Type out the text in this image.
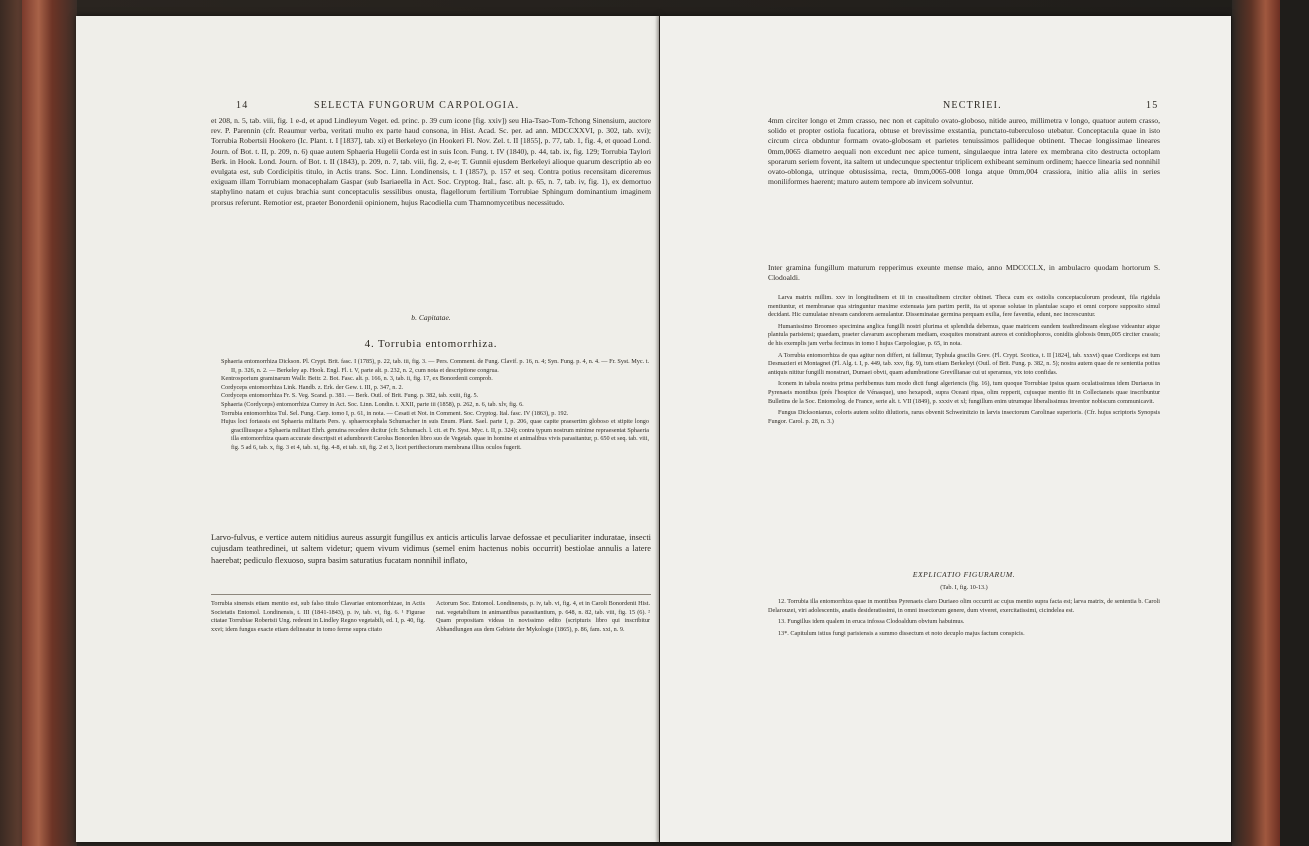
14	SELECTA FUNGORUM CARPOLOGIA.
et 208, n. 5, tab. viii, fig. 1 e-d, et apud Lindleyum Veget. ed. princ. p. 39 cum icone [fig. xxiv]) seu Hia-Tsao-Tom-Tchong Sinensium, auctore rev. P. Parennin (cfr. Reaumur verba, veritati multo ex parte haud consona, in Hist. Acad. Sc. per. ad ann. MDCCXXVI, p. 302, tab. xvi); Torrubia Robertsii Hookero (Ic. Plant. t. I [1837], tab. xi) et Berkeleyo (in Hookeri Fl. Nov. Zel. t. II [1855], p. 77, tab. 1, fig. 4, et quoad Lond. Journ. of Bot. t. II, p. 209, n. 6) quae autem Sphaeria Hugelii Corda est in suis Icon. Fung. t. IV (1840), p. 44, tab. ix, fig. 129; Torrubia Taylori Berk. in Hook. Lond. Journ. of Bot. t. II (1843), p. 209, n. 7, tab. viii, fig. 2, e-e; T. Gunnii ejusdem Berkeleyi alioque quarum descriptio ab eo evulgata est, sub Cordicipitis titulo, in Actis trans. Soc. Linn. Londinensis, t. I (1857), p. 157 et seq. Contra potius recensitam diceremus exiguam illam Torrubiam monacephalam Gaspar (sub Isariaeella in Act. Soc. Cryptog. Ital., fasc. alt. p. 65, n. 7, tab. iv, fig. 1), ex demortuo staphylino natam et cujus brachia sunt conceptaculis sessilibus onusta, flagellorum fertilium Torrubiae Sphingum dominantium imaginem prorsus referunt. Remotior est, praeter Bonordenii opinionem, hujus Racodiella cum Thamnomycetibus necessitudo.
b. Capitatae.
4. Torrubia entomorrhiza.

Sphaeria entomorrhiza Dickson. Pl. Crypt. Brit. fasc. I (1785), p. 22, tab. iii, fig. 3. — Pers. Comment. de Fung. Clavif. p. 16, n. 4; Syn. Fung. p. 4, n. 4. — Fr. Syst. Myc. t. II, p. 326, n. 2. — Berkeley ap. Hook. Engl. Fl. t. V, parte alt. p. 232, n. 2, cum nota et descriptione congrua.

Kentrosporium graminarum Wallr. Beitr. 2. Bot. Fasc. alt. p. 166, n. 3, tab. ii, fig. 17, ex Bonordenii comprob.

Cordyceps entomorrhiza Link. Handb. z. Erk. der Gew. t. III, p. 347, n. 2.

Cordyceps entomorrhiza Fr. S. Veg. Scand. p. 381. — Berk. Outl. of Brit. Fung. p. 382, tab. xxiii, fig. 5.

Sphaeria (Cordyceps) entomorrhiza Currey in Act. Soc. Linn. Londin. t. XXII, parte iii (1858), p. 262, n. 6, tab. xlv, fig. 6.

Torrubia entomorrhiza Tul. Sel. Fung. Carp. tomo I, p. 61, in nota. — Cesati et Not. in Comment. Soc. Cryptog. Ital. fasc. IV (1863), p. 192.

Hujus loci fortassis est Sphaeria militaris Pers. γ. sphaerocephala Schumacher in suis Enum. Plant. Sael. parte I, p. 206, quae capite praesertim globoso et stipite longo gracilliusque a Sphaeria militari Ehrh. genuina recedere dicitur (cfr. Schumach. l. cit. et Fr. Syst. Myc. t. II, p. 324); contra typum nostrum minime repraesentat Sphaeria illa entomorrhiza quam accurate descripsit et adumbravit Carolus Bonorden libro suo de Vegetab. quae in homine et animalibus vivis parasitantur, p. 650 et seq. tab. viii, fig. 5 ad 6, tab. x, fig. 3 et 4, tab. xi, fig. 4-8, et tab. xii, fig. 2 et 3, licet peritheciorum membrana illius oculos fugerit.

Larvo-fulvus, e vertice autem nitidius aureus assurgit fungillus ex anticis articulis larvae defossae et peculiariter induratae, insecti cujusdam teathredinei, ut saltem videtur; quem vivum vidimus (semel enim hactenus nobis occurrit) bestiolae annulis a latere haerebat; pediculo flexuoso, supra basim saturatius fucatam nonnihil inflato,
Torrubia sinensis etiam mentio est, sub falso titulo Clavariae entomorrhizae, in Actis Societatis Entomol. Londinensis, t. III (1841-1843), p. iv, tab. vi, fig. 6. ¹ Figurae citatae Torrubiae Robertsii Ung. redeunt in Lindley Regno vegetabili, ed. I, p. 40, fig. xxvi; idem fungus exacte etiam delineatur in tomo ferme supra citato
Actorum Soc. Entomol. Londinensis, p. iv, tab. vi, fig. 4, et in Caroli Bonordenii Hist. nat. vegetabilium in animantibus parasitantium, p. 648, n. 82, tab. viii, fig. 15 (6). ² Quam propositam videas in novissimo edito (scripturis libro qui inscribitur Abhandlungen aus dem Gebiete der Mykologie (1865), p. 86, fam. xxi, n. 9.
NECTRIEI.	15
4mm circiter longo et 2mm crasso, nec non et capitulo ovato-globoso, nitide aureo, millimetra v longo, quatuor autem crasso, solido et propter ostiola fucatiora, obtuse et brevissime exstantia, punctato-tuberculoso utebatur. Conceptacula quae in isto circum circa obduntur formam ovato-globosam et parietes tenuissimos pallideque obtinent. Thecae longissimae lineares 0mm,0065 diametro aequali non excedunt nec apice tument, singulaeque intra latere ex membrana cito destructa octoplam sporarum seriem fovent, ita saltem ut undecunque spectentur triplicem exhibeant seminum ordinem; haecce linearia sed nonnihil ovato-oblonga, utrinque obtusissima, recta, 0mm,0065-008 longa atque 0mm,004 crassiora, initio alia aliis in series moniliformes haerent; maturo autem tempore ab invicem solvuntur.
Inter gramina fungillum maturum repperimus exeunte mense maio, anno MDCCCLX, in ambulacro quodam hortorum S. Clodoaldi.

Larva matrix millim. xxv in longitudinem et iii in crassitudinem circiter obtinet. Theca cum ex ostiolis conceptaculorum prodeunt, fila rigidula mentiuntur, et membranae qua stringuntur maxime extenuata jam partim periit, ita ut sporae solutae in plantulae scapo et omni corpore supposito simul decidant. Hic cumulatae niveam candorem aemulantur. Disseminatae germina perquam exilia, fere faventia, edunt, nec increscuntur.

Humanissimo Broomeo specimina anglica fungilli nostri plurima et splendida debemus, quae matricem eandem teathredineam elegisse videantur atque plantula parisiensi; quaedam, praeter clavarum ascopheram mediam, exsquites monstrant aureos et conidiophoros, conidiis globosis 0mm,005 circiter crassis; de his exemplis jam verba fecimus in tomo I hujus Carpologiae, p. 65, in nota.

A Torrubia entomorrhiza de qua agitur non differt, ni fallimur, Typhula gracilis Grev. (Fl. Crypt. Scotica, t. II [1824], tab. xxxvi) quae Cordiceps est tum Desmazieri et Montagnei (Fl. Alg. t. I, p. 449, tab. xxv, fig. 9), tum etiam Berkeleyi (Outl. of Brit. Fung. p. 382, n. 5); nostra autem quae de re sententia potius antiquis nititur fungilli monstrari, Dumaei obvii, quam adumbratione Grevillianae cui ut speramus, vix toto confidas.

Iconem in tabula nostra prima perhibemus tum modo dicti fungi algeriencis (fig. 16), tum quoque Torrubiae ipsius quam oculatissimus idem Duriaeus in Pyrenaeis montibus (prés l'hospice de Vénasque), uno hexapodi, supra Oceani ripas, olim repperit, cujusque mentio fit in Collectaneis quae inscribuntur Bulletins de la Soc. Entomolog. de France, serie alt. t. VII (1849), p. xxxiv et xl; fungillum enim utrumque liberalissimus inventor nobiscum communicavit.

Fungus Dicksonianus, coloris autem solito dilutioris, rarus obvenit Schweinitzio in larvis insectorum Carolinae superioris. (Cfr. hujus scriptoris Synopsis Fungor. Carol. p. 28, n. 3.)

EXPLICATIO FIGURARUM.
(Tab. I, fig. 10-13.)

12. Torrubia illa entomorrhiza quae in montibus Pyrenaeis claro Duriaeo olim occurrit ac cujus mentio supra facta est; larva matrix, de sententia b. Caroli Delarouzei, viri adolescentis, anatis desideratissimi, in omni insectorum genere, dum viveret, exercitatissimi, cicindelea est.

13. Fungillus idem qualem in eruca infossa Clodoaldum obvium habuimus.

13*. Capitulum istius fungi parisiensis a summo dissectum et noto decuplo majus factum conspicis.
